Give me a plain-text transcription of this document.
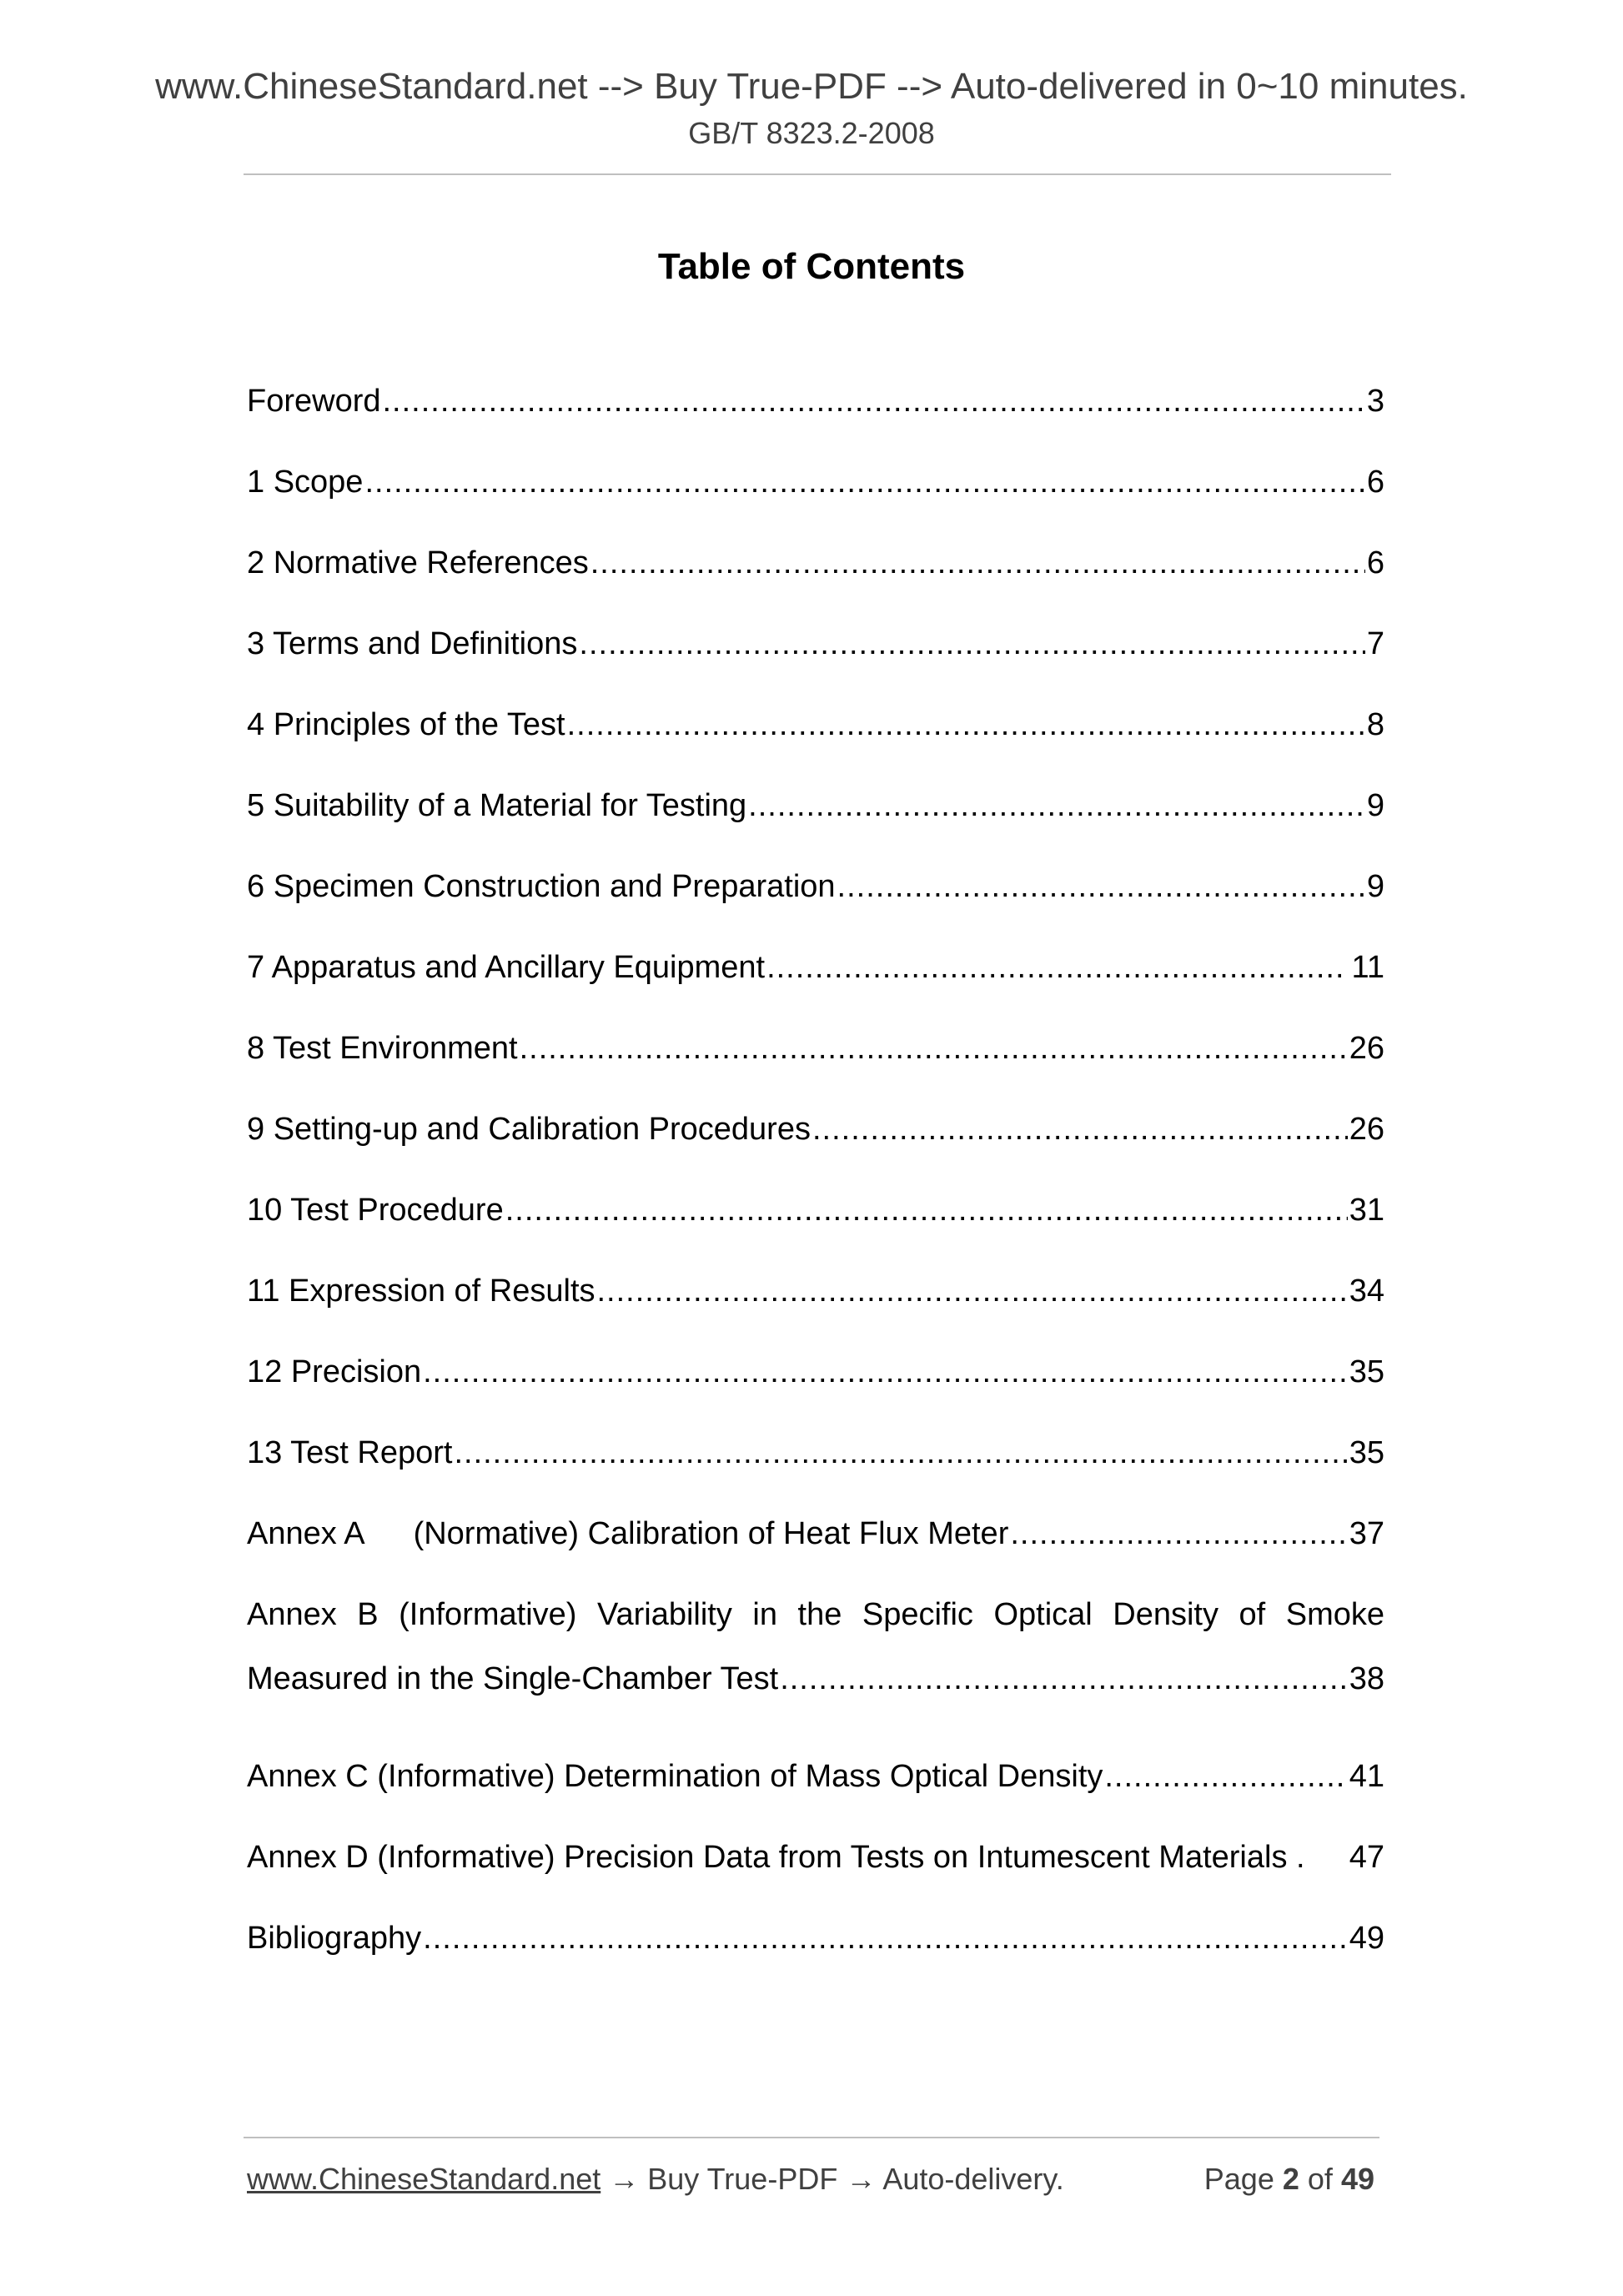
www.ChineseStandard.net --> Buy True-PDF --> Auto-delivered in 0~10 minutes.
GB/T 8323.2-2008
Table of Contents
Foreword .....	3
1 Scope .....	6
2 Normative References .....	6
3 Terms and Definitions .....	7
4 Principles of the Test .....	8
5 Suitability of a Material for Testing .....	9
6 Specimen Construction and Preparation .....	9
7 Apparatus and Ancillary Equipment .....	11
8 Test Environment .....	26
9 Setting-up and Calibration Procedures .....	26
10 Test Procedure .....	31
11 Expression of Results .....	34
12 Precision .....	35
13 Test Report .....	35
Annex A (Normative) Calibration of Heat Flux Meter .....	37
Annex B (Informative) Variability in the Specific Optical Density of Smoke
Measured in the Single-Chamber Test .....	38
Annex C (Informative) Determination of Mass Optical Density .....	41
Annex D (Informative) Precision Data from Tests on Intumescent Materials . 47
Bibliography .....	49
www.ChineseStandard.net → Buy True-PDF → Auto-delivery.	Page 2 of 49
